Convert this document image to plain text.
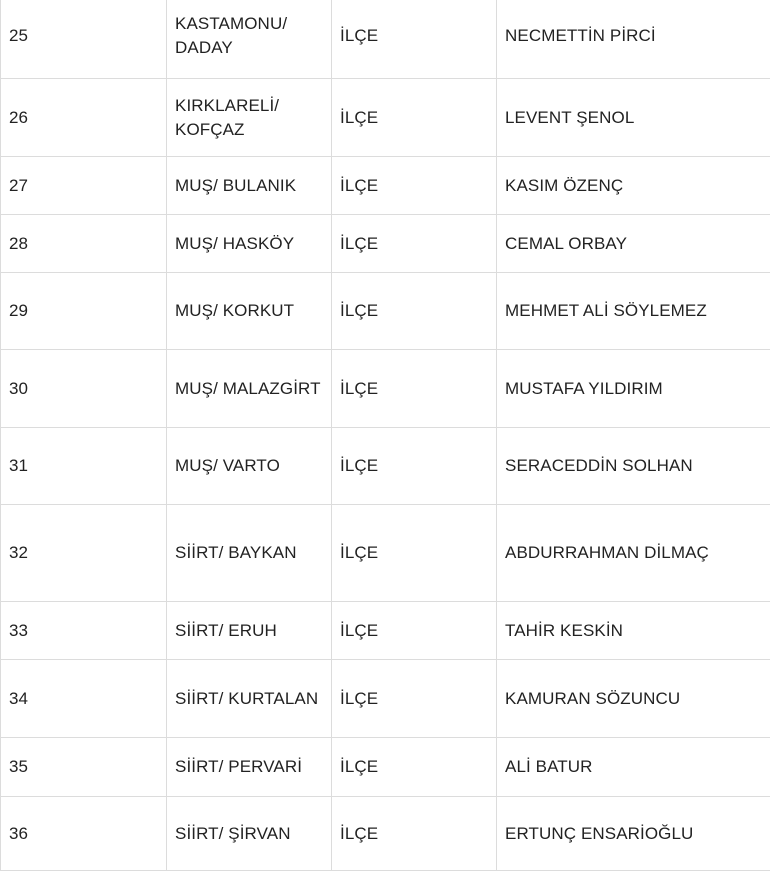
25	KASTAMONU/ DADAY	İLÇE	NECMETTİN PİRCİ
26	KIRKLARELİ/ KOFÇAZ	İLÇE	LEVENT ŞENOL
27	MUŞ/ BULANIK	İLÇE	KASIM ÖZENÇ
28	MUŞ/ HASKÖY	İLÇE	CEMAL ORBAY
29	MUŞ/ KORKUT	İLÇE	MEHMET ALİ SÖYLEMEZ
30	MUŞ/ MALAZGİRT	İLÇE	MUSTAFA YILDIRIM
31	MUŞ/ VARTO	İLÇE	SERACEDDİN SOLHAN
32	SİİRT/ BAYKAN	İLÇE	ABDURRAHMAN DİLMAÇ
33	SİİRT/ ERUH	İLÇE	TAHİR KESKİN
34	SİİRT/ KURTALAN	İLÇE	KAMURAN SÖZUNCU
35	SİİRT/ PERVARİ	İLÇE	ALİ BATUR
36	SİİRT/ ŞİRVAN	İLÇE	ERTUNÇ ENSARİOĞLU
